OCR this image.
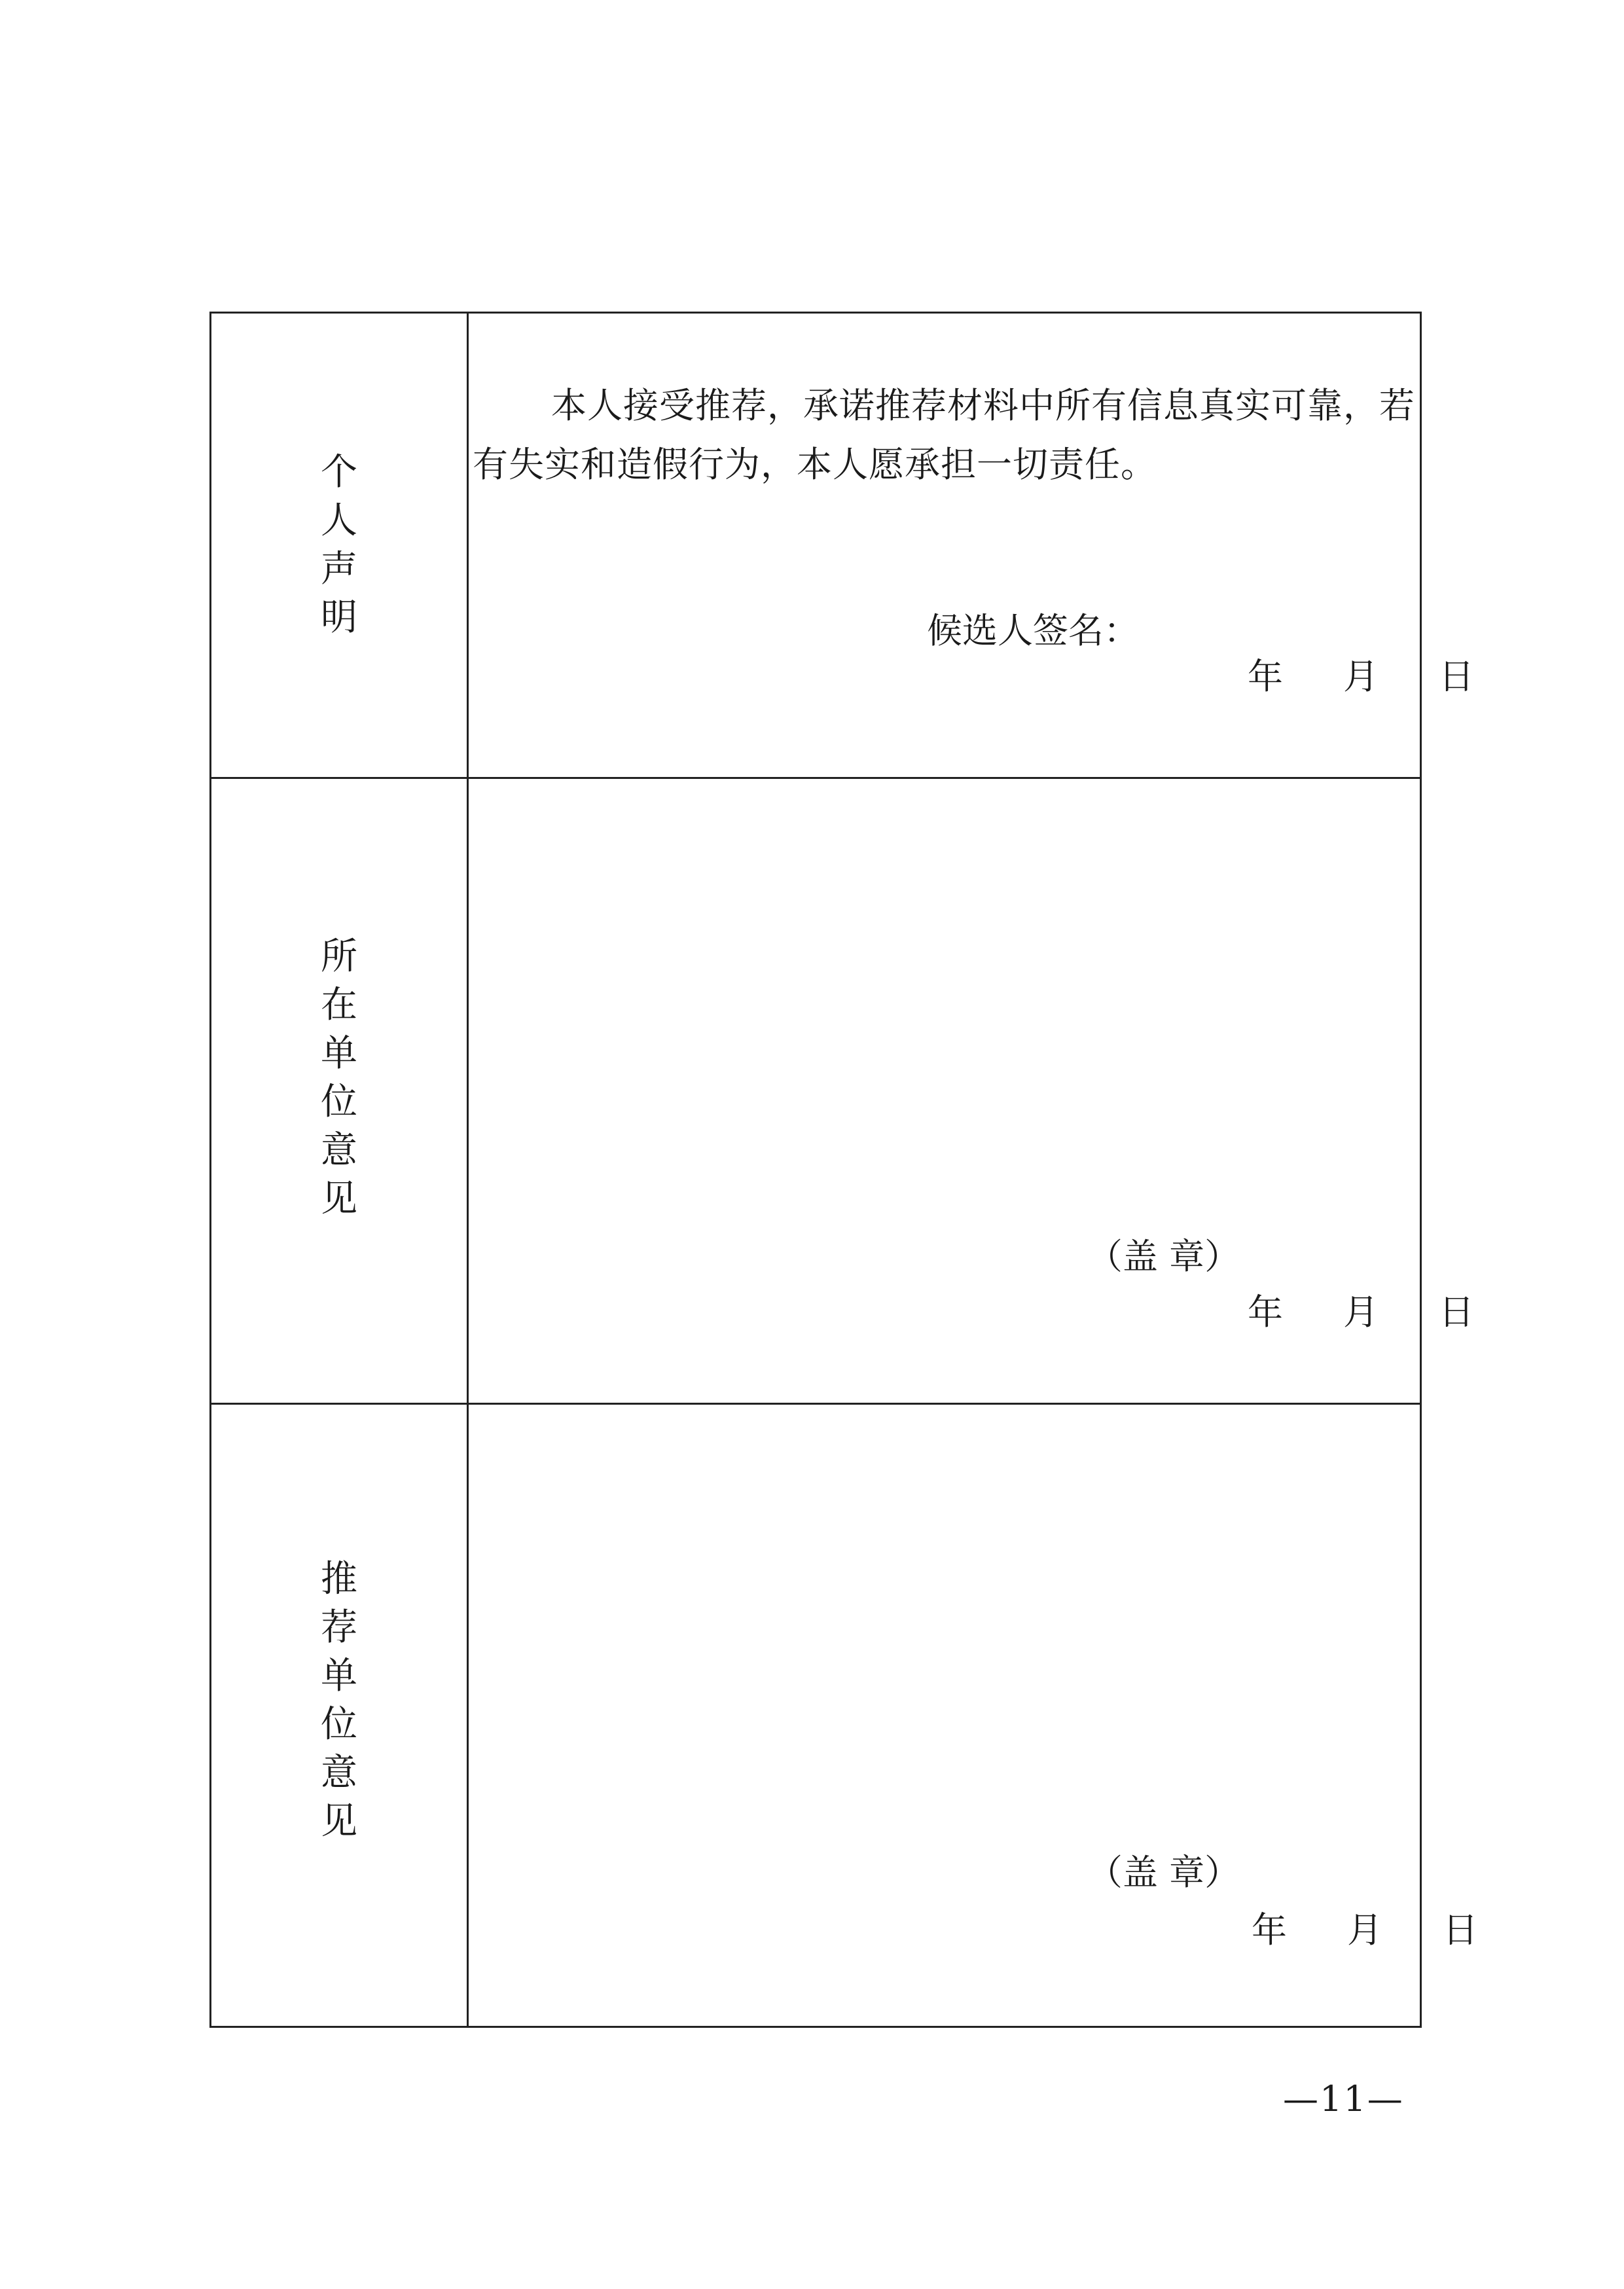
个
人
声
明

本人接受推荐，承诺推荐材料中所有信息真实可靠，若有失实和造假行为，本人愿承担一切责任。

候选人签名：
年 月 日
所
在
单
位
意
见
（盖 章）
年 月 日
推
荐
单
位
意
见
（盖 章）
年 月 日
—11—
